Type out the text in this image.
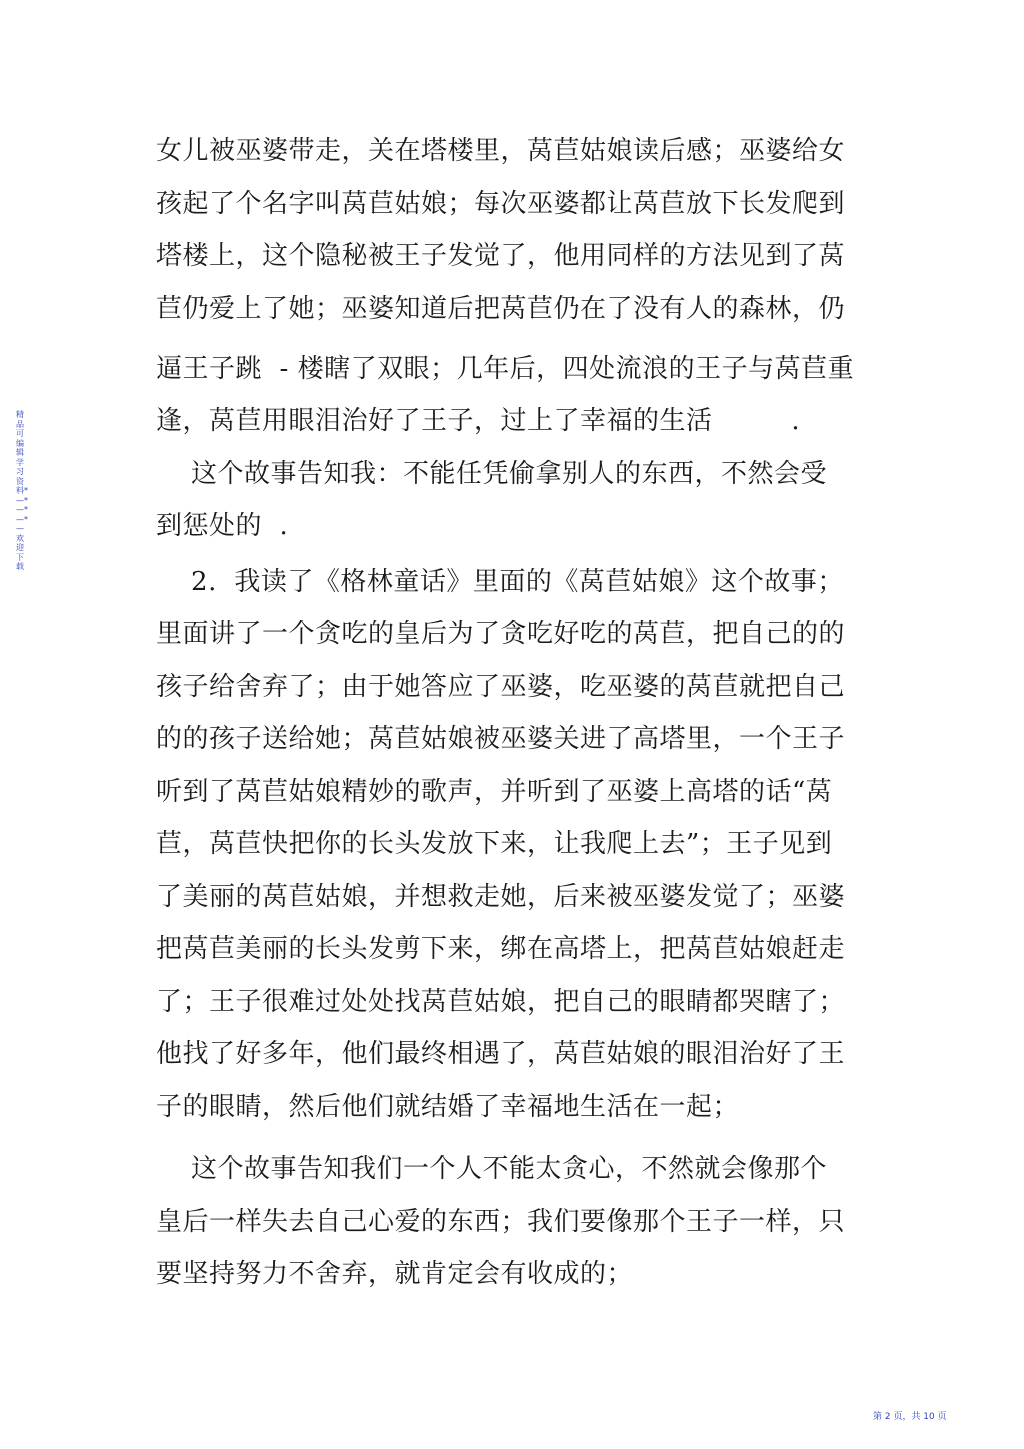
精品可编辑学习资料*—*—*—*—欢迎下载
女儿被巫婆带走，关在塔楼里，莴苣姑娘读后感；巫婆给女
孩起了个名字叫莴苣姑娘；每次巫婆都让莴苣放下长发爬到
塔楼上，这个隐秘被王子发觉了，他用同样的方法见到了莴
苣仍爱上了她；巫婆知道后把莴苣仍在了没有人的森林，仍
逼王子跳  - 楼瞎了双眼；几年后，四处流浪的王子与莴苣重
逢，莴苣用眼泪治好了王子，过上了幸福的生活         .
这个故事告知我：不能任凭偷拿别人的东西，不然会受
到惩处的  .
2.  我读了《格林童话》里面的《莴苣姑娘》这个故事；
里面讲了一个贪吃的皇后为了贪吃好吃的莴苣，把自己的的
孩子给舍弃了；由于她答应了巫婆，吃巫婆的莴苣就把自己
的的孩子送给她；莴苣姑娘被巫婆关进了高塔里，一个王子
听到了莴苣姑娘精妙的歌声，并听到了巫婆上高塔的话“莴
苣，莴苣快把你的长头发放下来，让我爬上去”；王子见到
了美丽的莴苣姑娘，并想救走她，后来被巫婆发觉了；巫婆
把莴苣美丽的长头发剪下来，绑在高塔上，把莴苣姑娘赶走
了；王子很难过处处找莴苣姑娘，把自己的眼睛都哭瞎了；
他找了好多年，他们最终相遇了，莴苣姑娘的眼泪治好了王
子的眼睛，然后他们就结婚了幸福地生活在一起；
这个故事告知我们一个人不能太贪心，不然就会像那个
皇后一样失去自己心爱的东西；我们要像那个王子一样，只
要坚持努力不舍弃，就肯定会有收成的；
第 2 页，共 10 页
